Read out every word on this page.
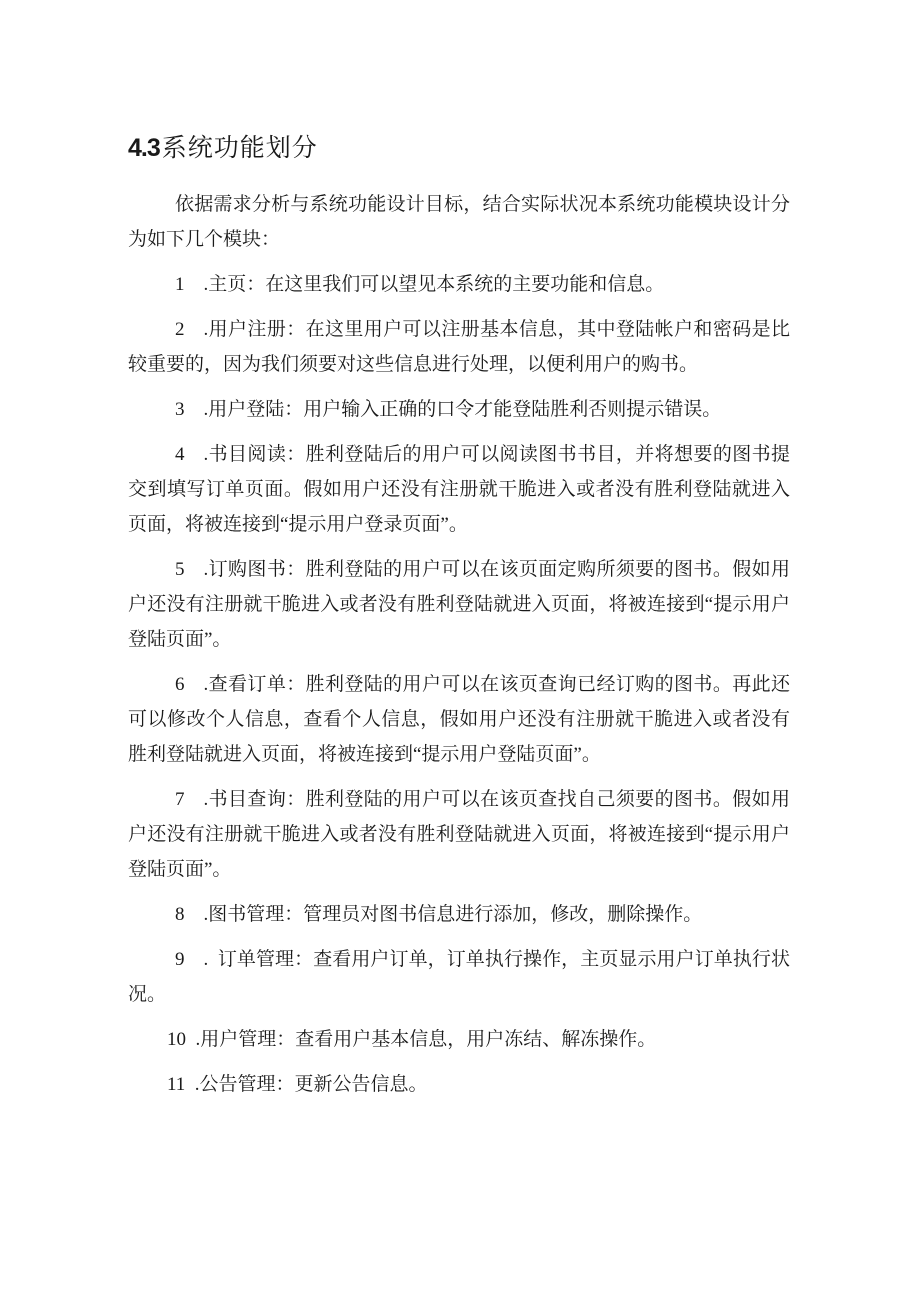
4.3系统功能划分

依据需求分析与系统功能设计目标，结合实际状况本系统功能模块设计分为如下几个模块：

1 .主页：在这里我们可以望见本系统的主要功能和信息。

2 .用户注册：在这里用户可以注册基本信息，其中登陆帐户和密码是比较重要的，因为我们须要对这些信息进行处理，以便利用户的购书。

3 .用户登陆：用户输入正确的口令才能登陆胜利否则提示错误。

4 .书目阅读：胜利登陆后的用户可以阅读图书书目，并将想要的图书提交到填写订单页面。假如用户还没有注册就干脆进入或者没有胜利登陆就进入页面，将被连接到“提示用户登录页面”。

5 .订购图书：胜利登陆的用户可以在该页面定购所须要的图书。假如用户还没有注册就干脆进入或者没有胜利登陆就进入页面，将被连接到“提示用户登陆页面”。

6 .查看订单：胜利登陆的用户可以在该页查询已经订购的图书。再此还可以修改个人信息，查看个人信息，假如用户还没有注册就干脆进入或者没有胜利登陆就进入页面，将被连接到“提示用户登陆页面”。

7 .书目查询：胜利登陆的用户可以在该页查找自己须要的图书。假如用户还没有注册就干脆进入或者没有胜利登陆就进入页面，将被连接到“提示用户登陆页面”。

8 .图书管理：管理员对图书信息进行添加，修改，删除操作。

9 . 订单管理：查看用户订单，订单执行操作，主页显示用户订单执行状况。

10 .用户管理：查看用户基本信息，用户冻结、解冻操作。

11 .公告管理：更新公告信息。
